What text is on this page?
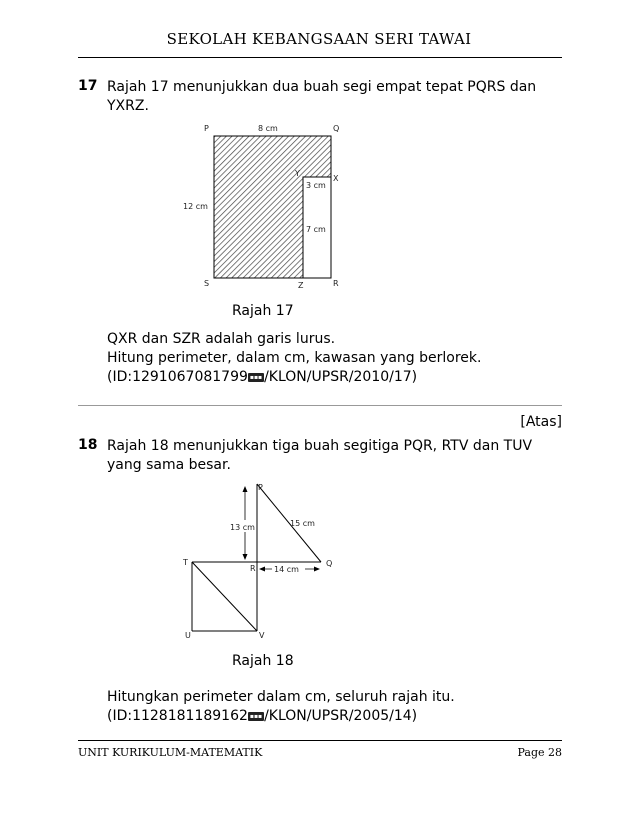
SEKOLAH KEBANGSAAN SERI TAWAI
17 Rajah 17 menunjukkan dua buah segi empat tepat PQRS dan
YXRZ.
P	Q
S	Z	R
X
Y
8 cm
12 cm
3 cm
7 cm
Rajah 17
QXR dan SZR adalah garis lurus.
Hitung perimeter, dalam cm, kawasan yang berlorek.
(ID:1291067081799 ▪▪▪ /KLON/UPSR/2010/17)
[Atas]
18 Rajah 18 menunjukkan tiga buah segitiga PQR, RTV dan TUV
yang sama besar.
P
Q
R
T
U	V
13 cm	15 cm
14 cm
Rajah 18
Hitungkan perimeter dalam cm, seluruh rajah itu.
(ID:1128181189162 ▪▪▪ /KLON/UPSR/2005/14)
UNIT KURIKULUM-MATEMATIK	Page 28
